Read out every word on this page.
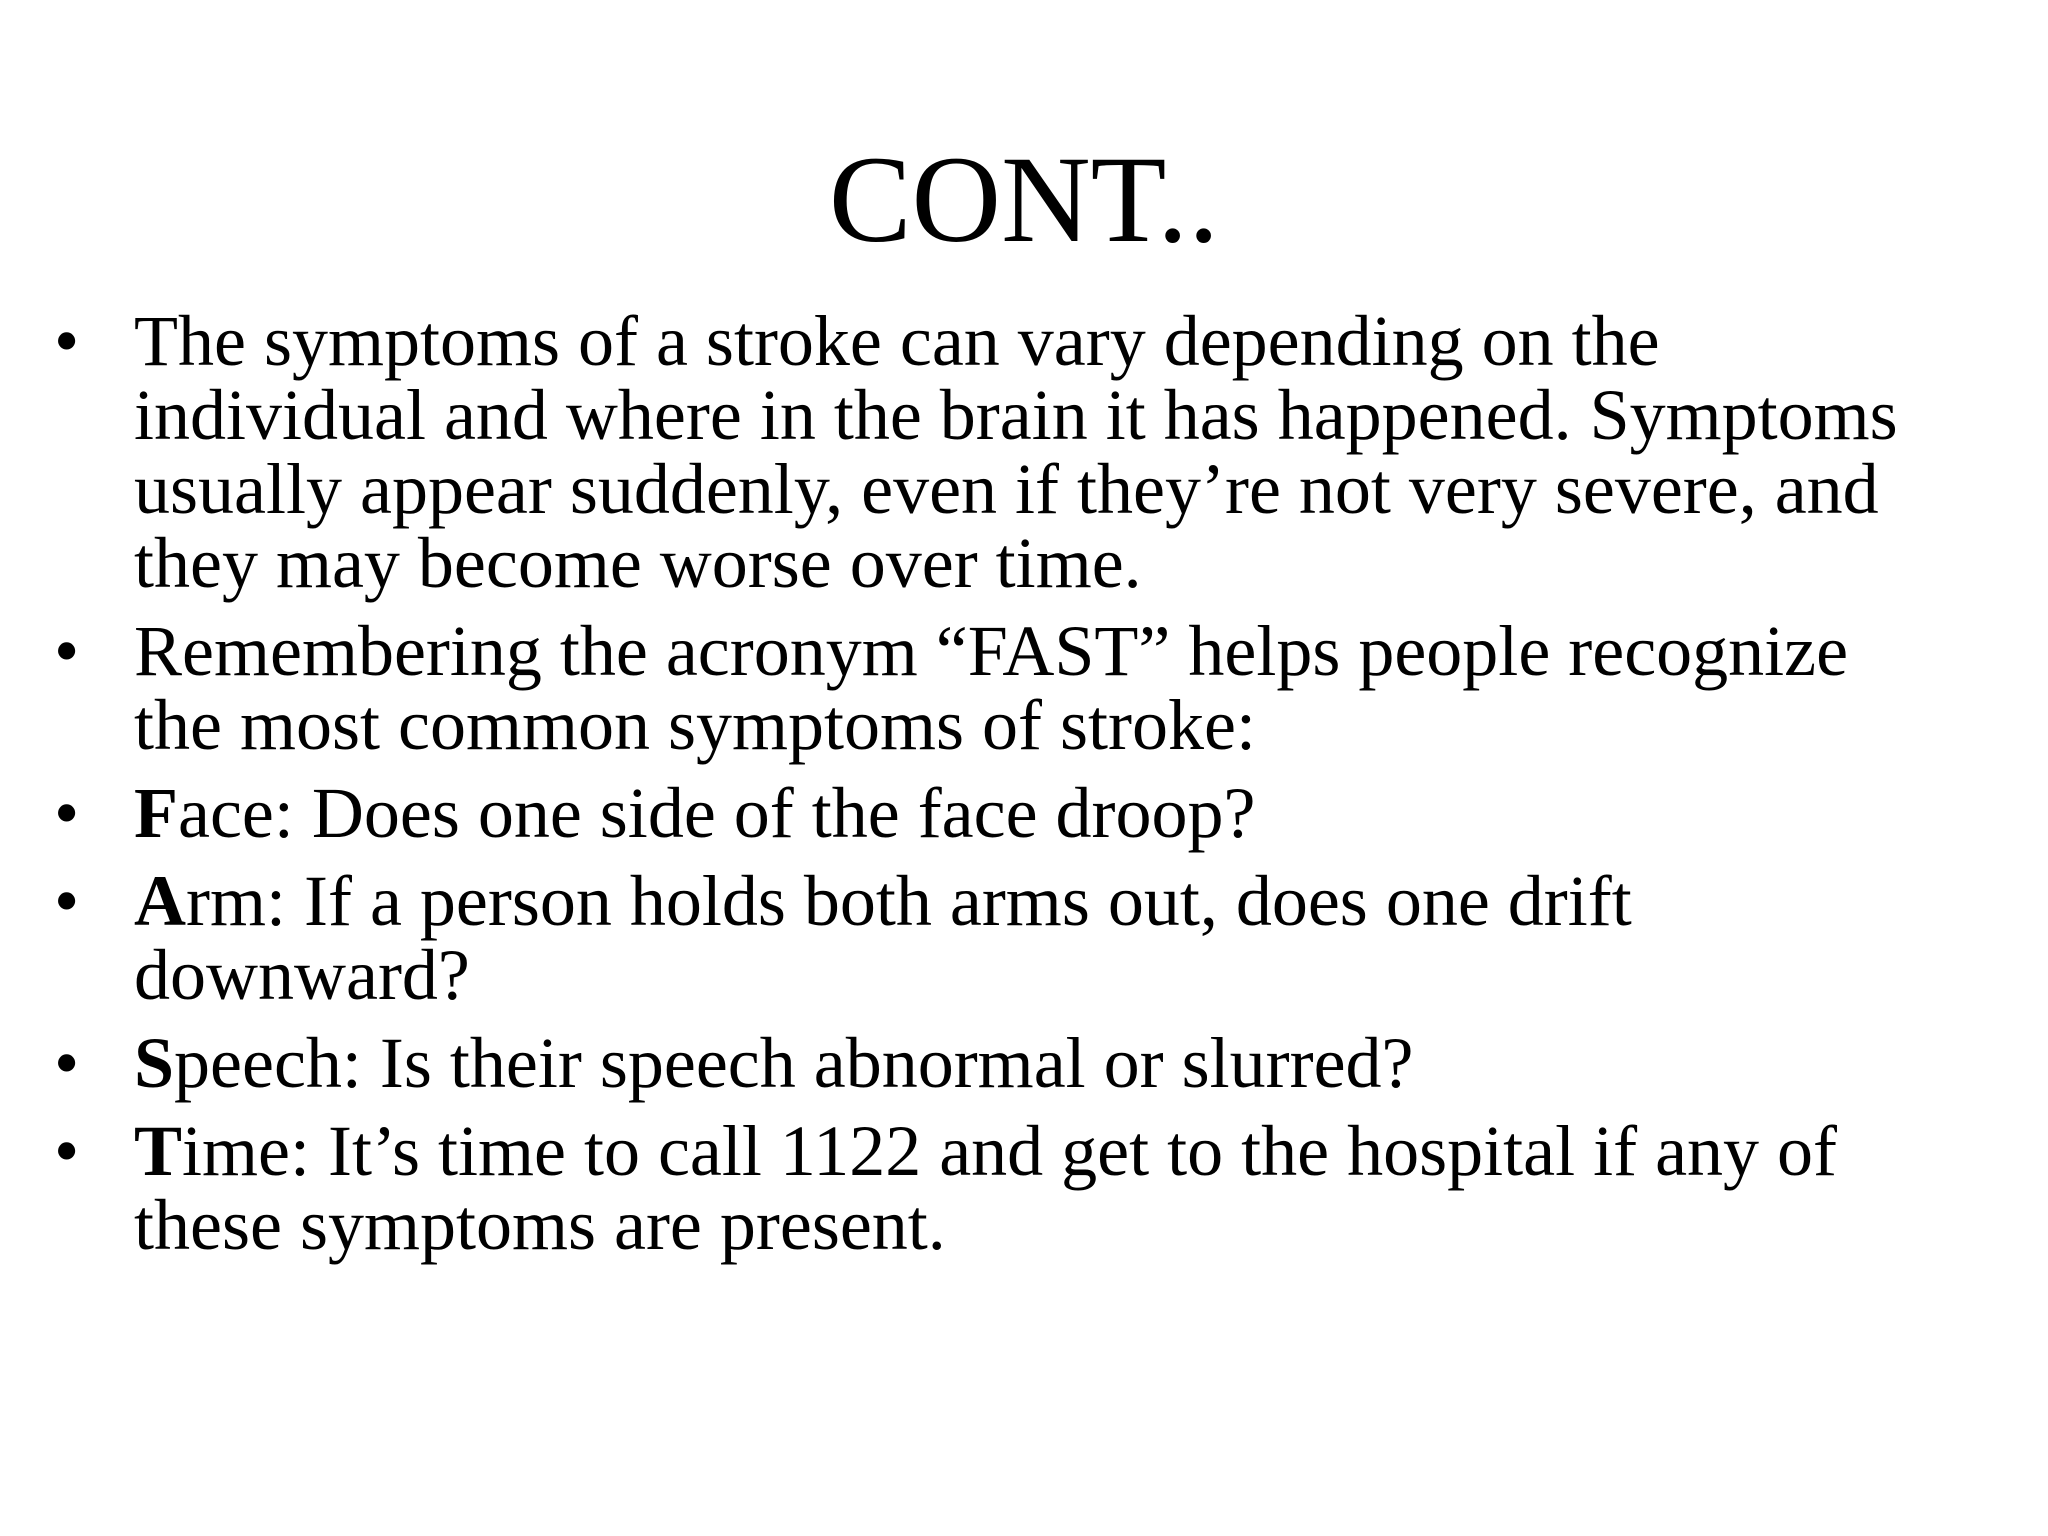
CONT..
• The symptoms of a stroke can vary depending on the individual and where in the brain it has happened. Symptoms usually appear suddenly, even if they’re not very severe, and they may become worse over time.
• Remembering the acronym “FAST” helps people recognize the most common symptoms of stroke:
• Face: Does one side of the face droop?
• Arm: If a person holds both arms out, does one drift downward?
• Speech: Is their speech abnormal or slurred?
• Time: It’s time to call 1122 and get to the hospital if any of these symptoms are present.
